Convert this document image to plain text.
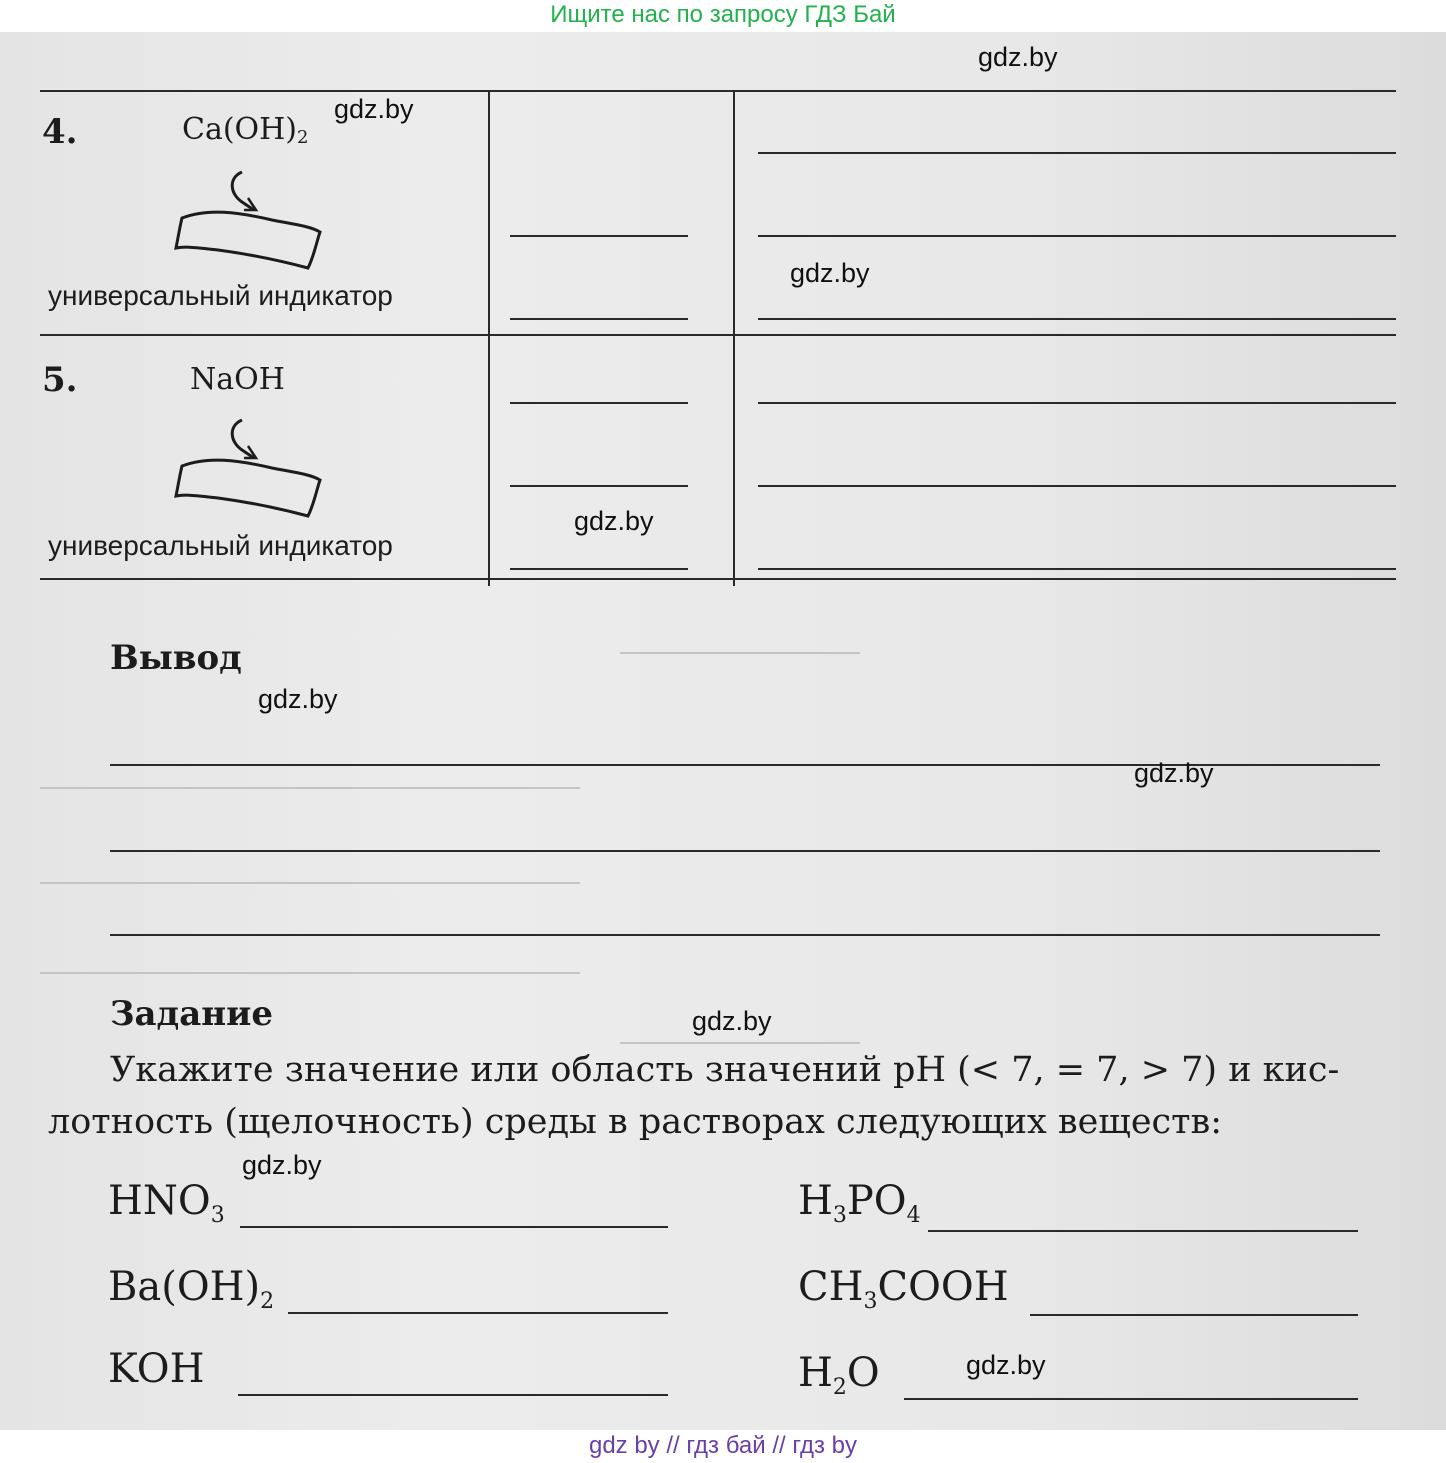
Ищите нас по запросу ГДЗ Бай
4.	$Ca(OH)_2$
универсальный индикатор
5.	NaOH
универсальный индикатор
Вывод
Задание
Укажите значение или область значений pH (< 7, = 7, > 7) и кис-
лотность (щелочность) среды в растворах следующих веществ:
$HNO_3$
$Ba(OH)_2$
KOH
$H_3PO_4$
$CH_3COOH$
$H_2O$
gdz.by
gdz.by
gdz.by
gdz.by
gdz.by
gdz.by
gdz.by
gdz.by
gdz.by
gdz by // гдз бай // гдз by
